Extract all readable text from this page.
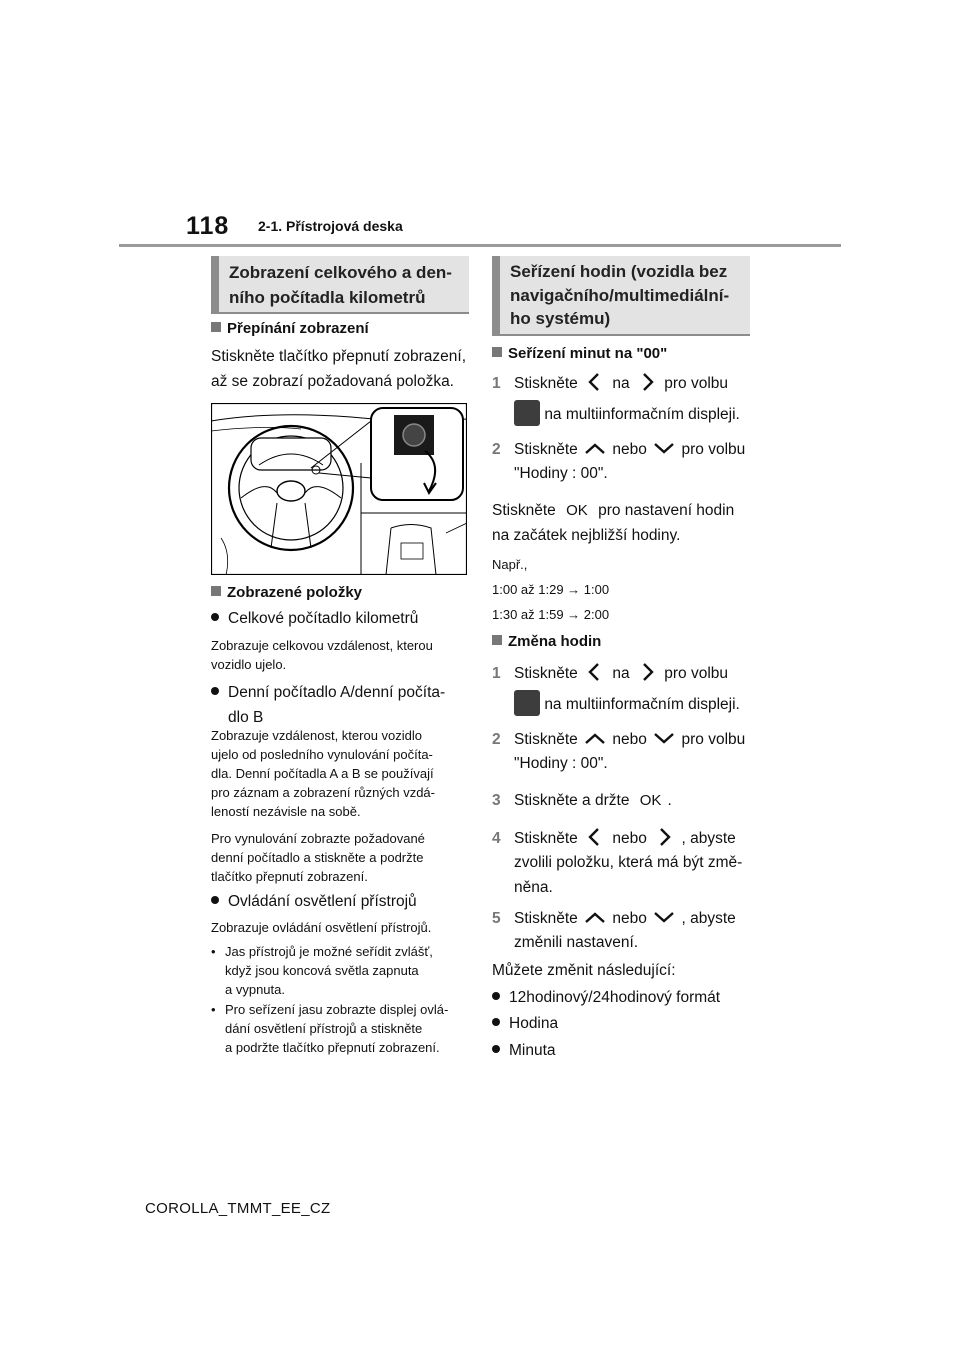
118 2-1. Přístrojová deska
Zobrazení celkového a den-
ního počítadla kilometrů
Přepínání zobrazení
Stiskněte tlačítko přepnutí zobrazení,
až se zobrazí požadovaná položka.
Zobrazené položky
Celkové počítadlo kilometrů
Zobrazuje celkovou vzdálenost, kterou
vozidlo ujelo.
Denní počítadlo A/denní počíta-
dlo B
Zobrazuje vzdálenost, kterou vozidlo
ujelo od posledního vynulování počíta-
dla. Denní počítadla A a B se používají
pro záznam a zobrazení různých vzdá-
leností nezávisle na sobě.
Pro vynulování zobrazte požadované
denní počítadlo a stiskněte a podržte
tlačítko přepnutí zobrazení.
Ovládání osvětlení přístrojů
Zobrazuje ovládání osvětlení přístrojů.
• Jas přístrojů je možné seřídit zvlášť,
když jsou koncová světla zapnuta
a vypnuta.
• Pro seřízení jasu zobrazte displej ovlá-
dání osvětlení přístrojů a stiskněte
a podržte tlačítko přepnutí zobrazení.
Seřízení hodin (vozidla bez
navigačního/multimediální-
ho systému)
Seřízení minut na "00"
1 Stiskněte na pro volbu
na multiinformačním displeji.
2 Stiskněte nebo pro volbu
"Hodiny : 00".
Stiskněte OK pro nastavení hodin
na začátek nejbližší hodiny.
Např.,
1:00 až 1:29 → 1:00
1:30 až 1:59 → 2:00
Změna hodin
1 Stiskněte na pro volbu
na multiinformačním displeji.
2 Stiskněte nebo pro volbu
"Hodiny : 00".
3 Stiskněte a držte OK .
4 Stiskněte nebo , abyste
zvolili položku, která má být změ-
něna.
5 Stiskněte nebo , abyste
změnili nastavení.
Můžete změnit následující:
12hodinový/24hodinový formát
Hodina
Minuta
COROLLA_TMMT_EE_CZ
